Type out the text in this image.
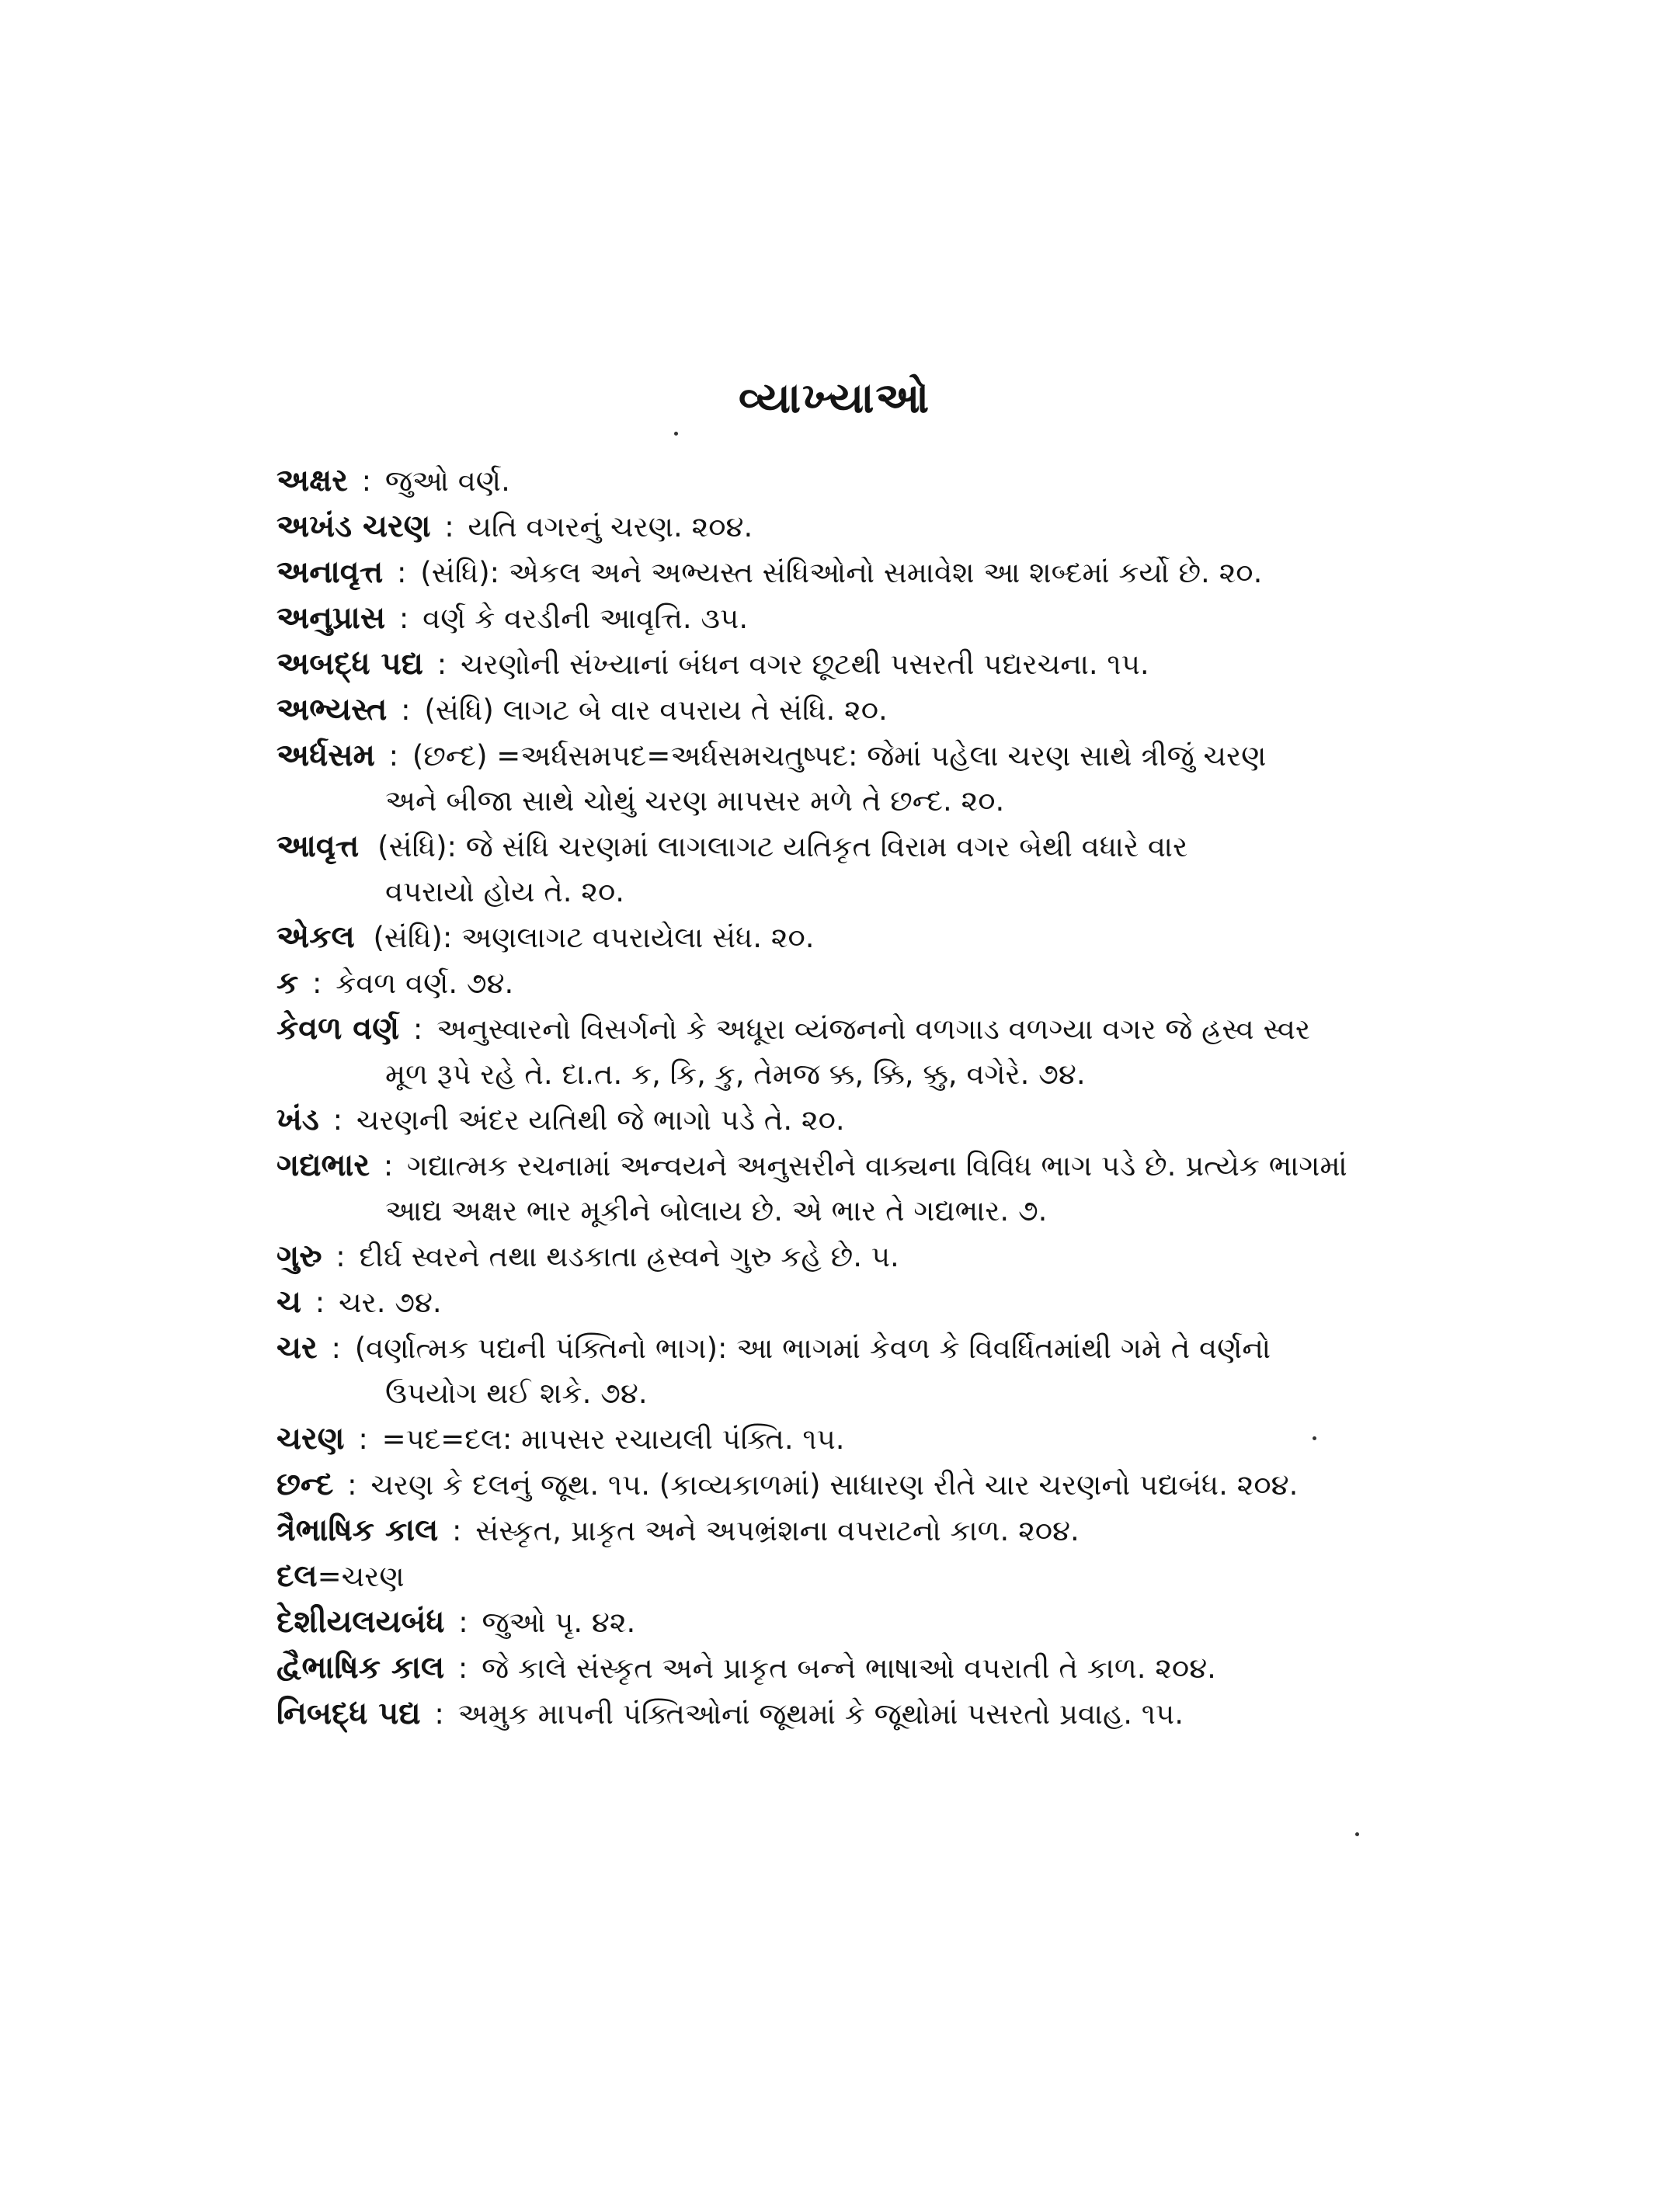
વ્યાખ્યાઓ

અક્ષર : જુઓ વર્ણ.

અખંડ ચરણ : યતિ વગરનું ચરણ. ૨૦૪.

અનાવૃત્ત : (સંધિ): એકલ અને અભ્યસ્ત સંધિઓનો સમાવેશ આ શબ્દમાં કર્યો છે. ૨૦.

અનુપ્રાસ : વર્ણ કે વરડીની આવૃત્તિ. ૩૫.

અબદ્ધ પદ્ય : ચરણોની સંખ્યાનાં બંધન વગર છૂટથી પસરતી પદ્યરચના. ૧૫.

અભ્યસ્ત : (સંધિ) લાગટ બે વાર વપરાય તે સંધિ. ૨૦.

અર્ધસમ : (છન્દ) =અર્ધસમપદ=અર્ધસમચતુષ્પદ: જેમાં પહેલા ચરણ સાથે ત્રીજું ચરણ
અને બીજા સાથે ચોથું ચરણ માપસર મળે તે છન્દ. ૨૦.

આવૃત્ત (સંધિ): જે સંધિ ચરણમાં લાગલાગટ યતિકૃત વિરામ વગર બેથી વધારે વાર
વપરાયો હોય તે. ૨૦.

એકલ (સંધિ): અણલાગટ વપરાયેલા સંધ. ૨૦.

ક : કેવળ વર્ણ. ૭૪.

કેવળ વર્ણ : અનુસ્વારનો વિસર્ગનો કે અધૂરા વ્યંજનનો વળગાડ વળગ્યા વગર જે હ્રસ્વ સ્વર
મૂળ રૂપે રહે તે. દા.ત. ક, કિ, કુ, તેમજ ક્ક, ક્કિ, ક્કુ, વગેરે. ૭૪.

ખંડ : ચરણની અંદર યતિથી જે ભાગો પડે તે. ૨૦.

ગદ્યભાર : ગદ્યાત્મક રચનામાં અન્વયને અનુસરીને વાક્યના વિવિધ ભાગ પડે છે. પ્રત્યેક ભાગમાં
આદ્ય અક્ષર ભાર મૂકીને બોલાય છે. એ ભાર તે ગદ્યભાર. ૭.

ગુરુ : દીર્ઘ સ્વરને તથા થડકાતા હ્રસ્વને ગુરુ કહે છે. ૫.

ચ : ચર. ૭૪.

ચર : (વર્ણાત્મક પદ્યની પંક્તિનો ભાગ): આ ભાગમાં કેવળ કે વિવર્ધિતમાંથી ગમે તે વર્ણનો
ઉપયોગ થઈ શકે. ૭૪.

ચરણ : =પદ=દલ: માપસર રચાયલી પંક્તિ. ૧૫.

છન્દ : ચરણ કે દલનું જૂથ. ૧૫. (કાવ્યકાળમાં) સાધારણ રીતે ચાર ચરણનો પદ્યબંધ. ૨૦૪.

ત્રૈભાષિક કાલ : સંસ્કૃત, પ્રાકૃત અને અપભ્રંશના વપરાટનો કાળ. ૨૦૪.

દલ=ચરણ

દેશીયલયબંધ : જુઓ પૃ. ૪૨.

દ્વૈભાષિક કાલ : જે કાલે સંસ્કૃત અને પ્રાકૃત બન્ને ભાષાઓ વપરાતી તે કાળ. ૨૦૪.

નિબદ્ધ પદ્ય : અમુક માપની પંક્તિઓનાં જૂથમાં કે જૂથોમાં પસરતો પ્રવાહ. ૧૫.
